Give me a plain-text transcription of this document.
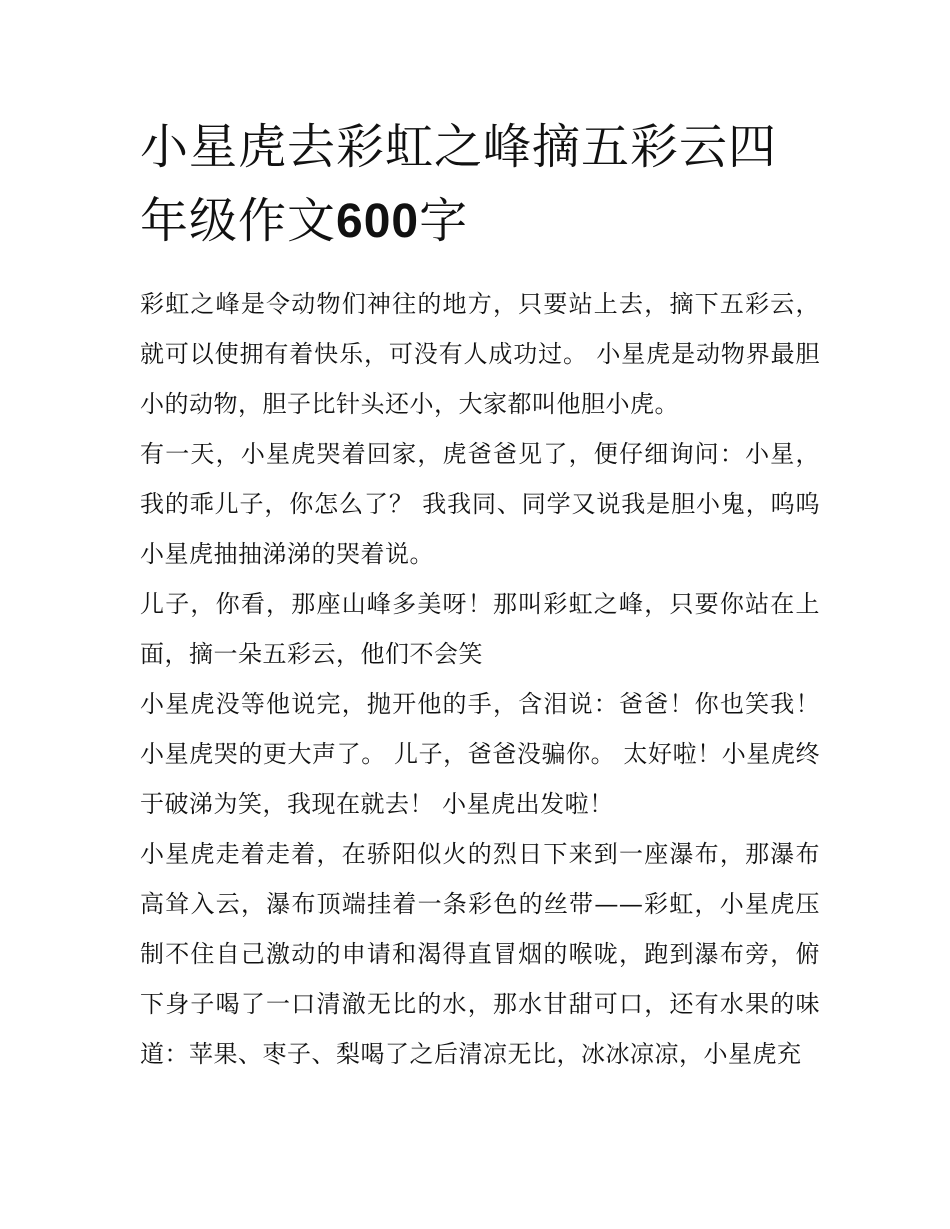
小星虎去彩虹之峰摘五彩云四年级作文600字

彩虹之峰是令动物们神往的地方，只要站上去，摘下五彩云，就可以使拥有着快乐，可没有人成功过。 小星虎是动物界最胆小的动物，胆子比针头还小，大家都叫他胆小虎。

有一天，小星虎哭着回家，虎爸爸见了，便仔细询问：小星，我的乖儿子，你怎么了？ 我我同、同学又说我是胆小鬼，呜呜小星虎抽抽涕涕的哭着说。

儿子，你看，那座山峰多美呀！那叫彩虹之峰，只要你站在上面，摘一朵五彩云，他们不会笑

小星虎没等他说完，抛开他的手，含泪说：爸爸！你也笑我！小星虎哭的更大声了。 儿子，爸爸没骗你。 太好啦！小星虎终于破涕为笑，我现在就去！ 小星虎出发啦！

小星虎走着走着，在骄阳似火的烈日下来到一座瀑布，那瀑布高耸入云，瀑布顶端挂着一条彩色的丝带——彩虹，小星虎压制不住自己激动的申请和渴得直冒烟的喉咙，跑到瀑布旁，俯下身子喝了一口清澈无比的水，那水甘甜可口，还有水果的味道：苹果、枣子、梨喝了之后清凉无比，冰冰凉凉，小星虎充
